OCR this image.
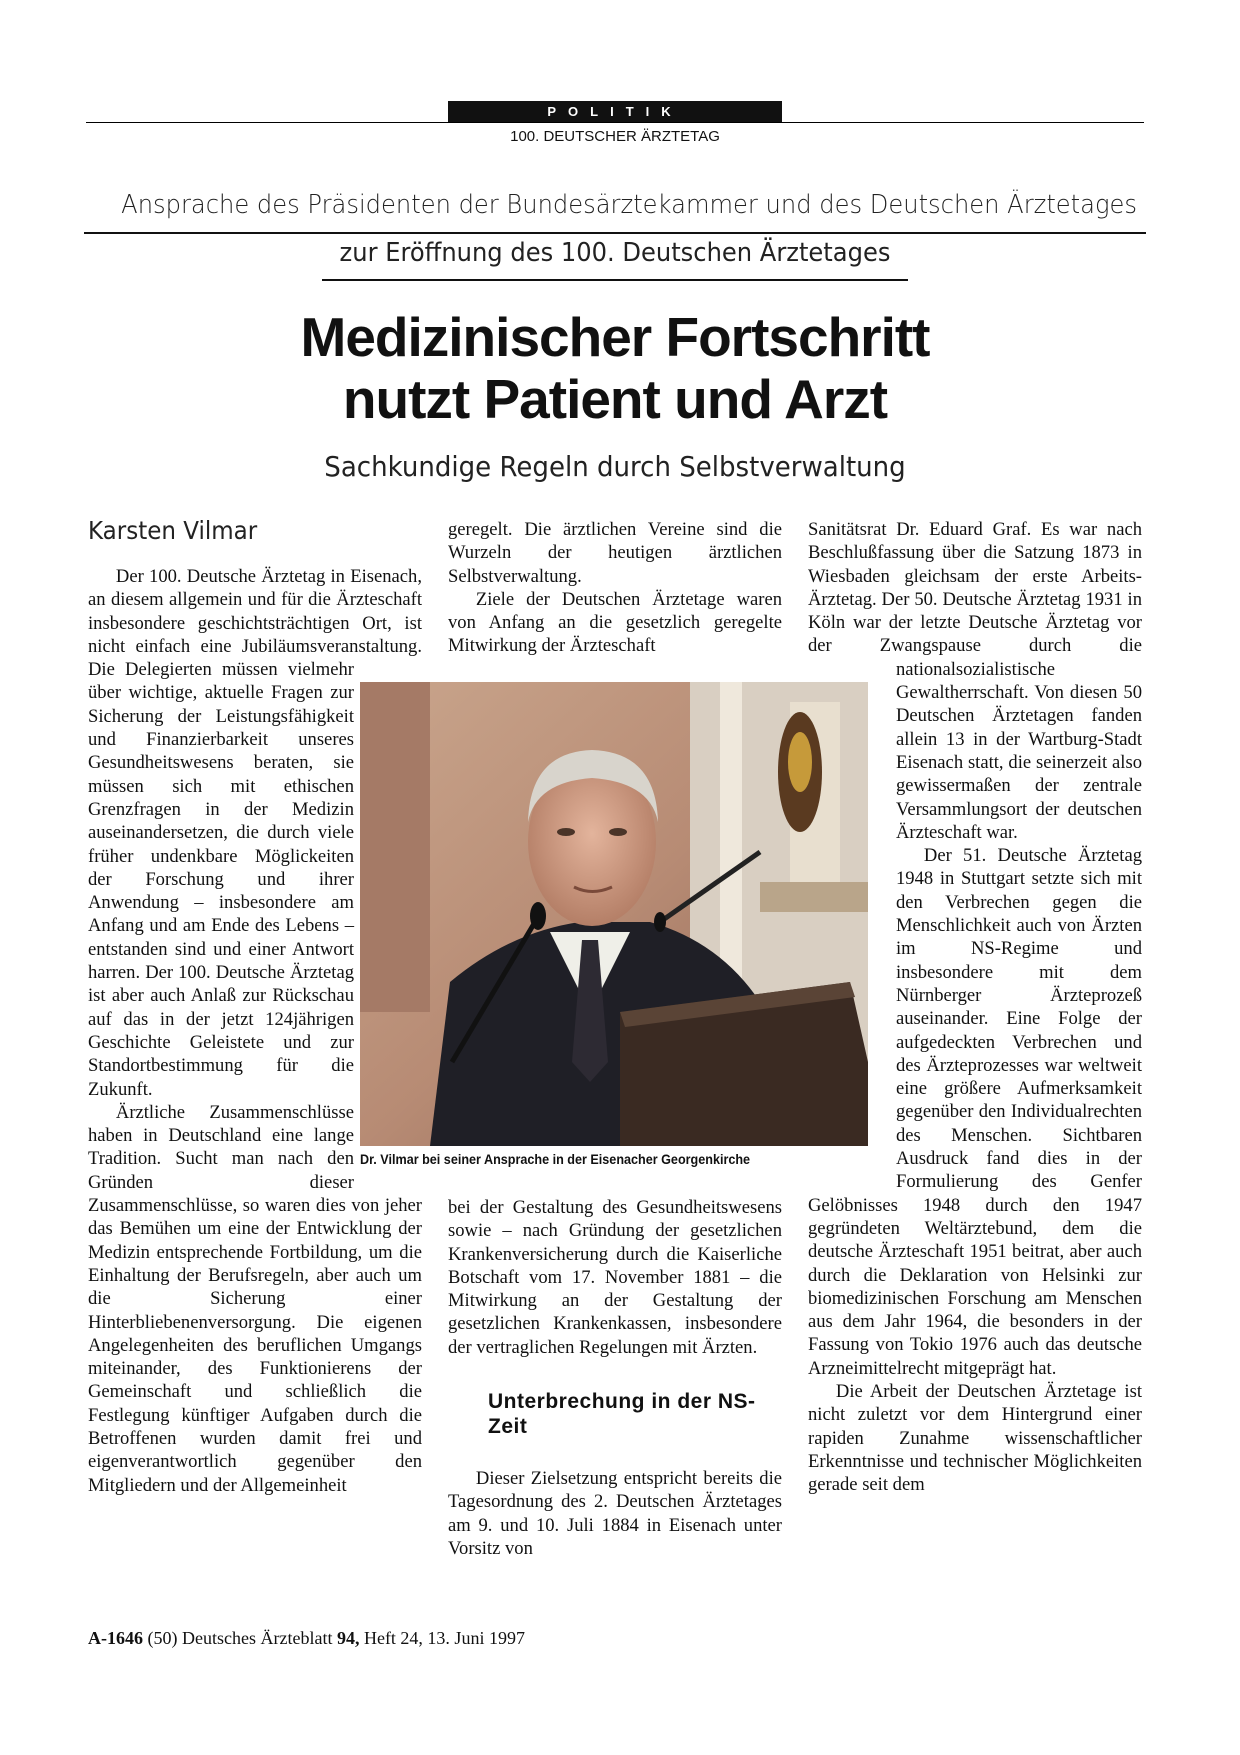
POLITIK
100. DEUTSCHER ÄRZTETAG
Ansprache des Präsidenten der Bundesärztekammer und des Deutschen Ärztetages
zur Eröffnung des 100. Deutschen Ärztetages
Medizinischer Fortschritt
nutzt Patient und Arzt
Sachkundige Regeln durch Selbstverwaltung
Karsten Vilmar

Der 100. Deutsche Ärztetag in Eisenach, an diesem allgemein und für die Ärzteschaft insbesondere geschichtsträchtigen Ort, ist nicht einfach eine Jubiläumsveranstaltung. Die Delegierten müssen vielmehr über wichtige, aktuelle Fragen zur Sicherung der Leistungsfähigkeit und Finanzierbarkeit unseres Gesundheitswesens beraten, sie müssen sich mit ethischen Grenzfragen in der Medizin auseinandersetzen, die durch viele früher undenkbare Möglickeiten der Forschung und ihrer Anwendung – insbesondere am Anfang und am Ende des Lebens – entstanden sind und einer Antwort harren. Der 100. Deutsche Ärztetag ist aber auch Anlaß zur Rückschau auf das in der jetzt 124jährigen Geschichte Geleistete und zur Standortbestimmung für die Zukunft.

Ärztliche Zusammenschlüsse haben in Deutschland eine lange Tradition. Sucht man nach den Gründen dieser Zusammenschlüsse, so waren dies von jeher das Bemühen um eine der Entwicklung der Medizin entsprechende Fortbildung, um die Einhaltung der Berufsregeln, aber auch um die Sicherung einer Hinterbliebenenversorgung. Die eigenen Angelegenheiten des beruflichen Umgangs miteinander, des Funktionierens der Gemeinschaft und schließlich die Festlegung künftiger Aufgaben durch die Betroffenen wurden damit frei und eigenverantwortlich gegenüber den Mitgliedern und der Allgemeinheit

geregelt. Die ärztlichen Vereine sind die Wurzeln der heutigen ärztlichen Selbstverwaltung.

Ziele der Deutschen Ärztetage waren von Anfang an die gesetzlich geregelte Mitwirkung der Ärzteschaft

Dr. Vilmar bei seiner Ansprache in der Eisenacher Georgenkirche

bei der Gestaltung des Gesundheitswesens sowie – nach Gründung der gesetzlichen Krankenversicherung durch die Kaiserliche Botschaft vom 17. November 1881 – die Mitwirkung an der Gestaltung der gesetzlichen Krankenkassen, insbesondere der vertraglichen Regelungen mit Ärzten.

Unterbrechung in der NS-Zeit

Dieser Zielsetzung entspricht bereits die Tagesordnung des 2. Deutschen Ärztetages am 9. und 10. Juli 1884 in Eisenach unter Vorsitz von

Sanitätsrat Dr. Eduard Graf. Es war nach Beschlußfassung über die Satzung 1873 in Wiesbaden gleichsam der erste Arbeits-Ärztetag. Der 50. Deutsche Ärztetag 1931 in Köln war der letzte Deutsche Ärztetag vor der Zwangspause durch die nationalsozialistische Gewaltherrschaft. Von diesen 50 Deutschen Ärztetagen fanden allein 13 in der Wartburg-Stadt Eisenach statt, die seinerzeit also gewissermaßen der zentrale Versammlungsort der deutschen Ärzteschaft war.

Der 51. Deutsche Ärztetag 1948 in Stuttgart setzte sich mit den Verbrechen gegen die Menschlichkeit auch von Ärzten im NS-Regime und insbesondere mit dem Nürnberger Ärzteprozeß auseinander. Eine Folge der aufgedeckten Verbrechen und des Ärzteprozesses war weltweit eine größere Aufmerksamkeit gegenüber den Individualrechten des Menschen. Sichtbaren Ausdruck fand dies in der Formulierung des Genfer Gelöbnisses 1948 durch den 1947 gegründeten Weltärztebund, dem die deutsche Ärzteschaft 1951 beitrat, aber auch durch die Deklaration von Helsinki zur biomedizinischen Forschung am Menschen aus dem Jahr 1964, die besonders in der Fassung von Tokio 1976 auch das deutsche Arzneimittelrecht mitgeprägt hat.

Die Arbeit der Deutschen Ärztetage ist nicht zuletzt vor dem Hintergrund einer rapiden Zunahme wissenschaftlicher Erkenntnisse und technischer Möglichkeiten gerade seit dem

A-1646 (50) Deutsches Ärzteblatt 94, Heft 24, 13. Juni 1997
